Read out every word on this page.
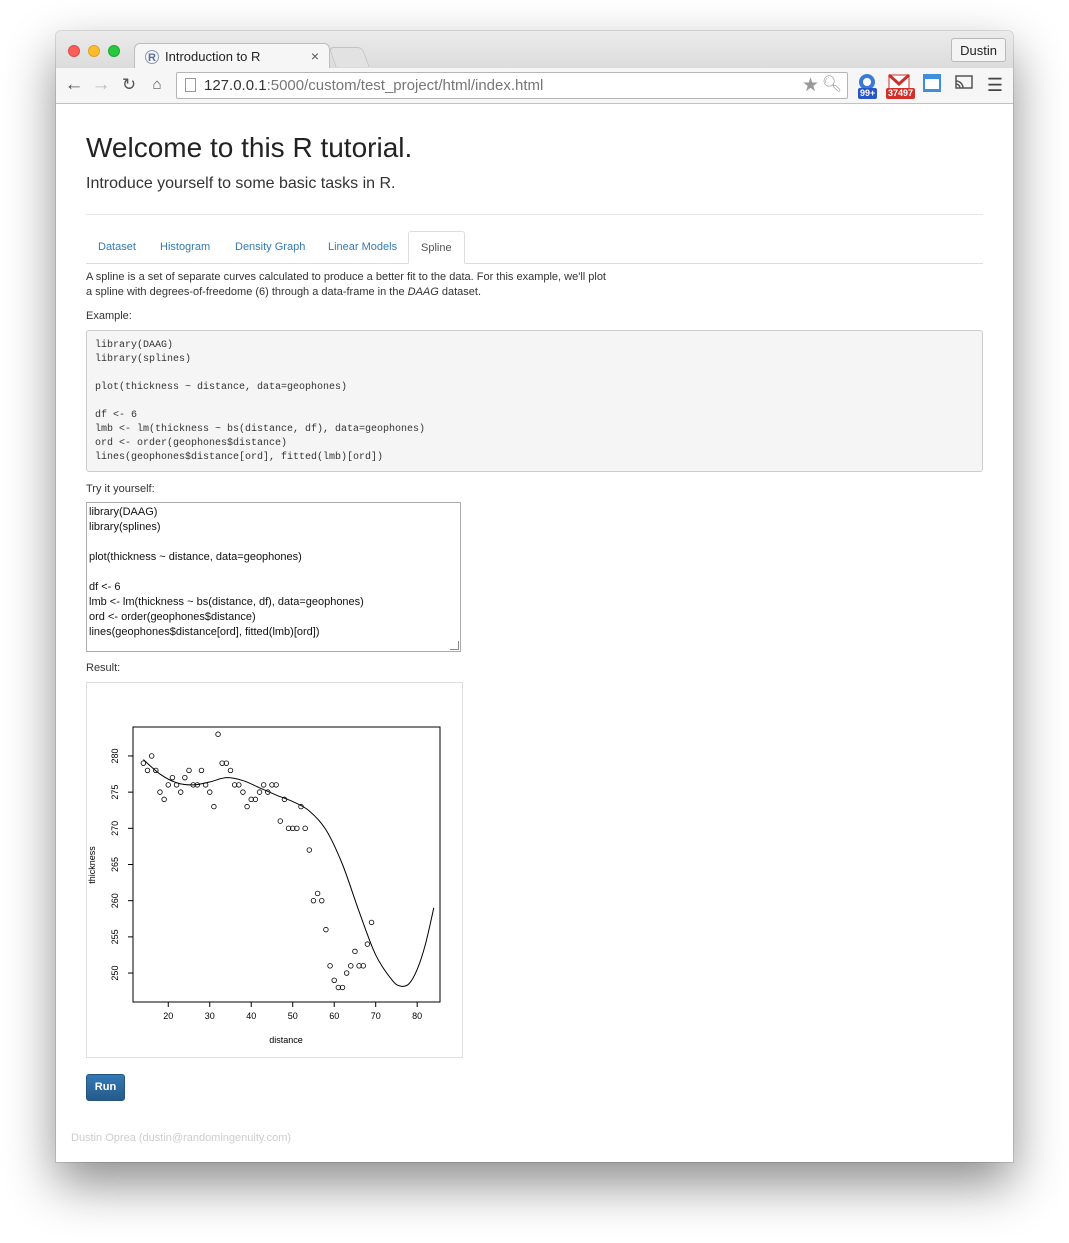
R Introduction to R	×	Dustin
← → ↻	⌂	127.0.0.1:5000/custom/test_project/html/index.html	★ 🔍︎ 99+ 37497	☰
Welcome to this R tutorial.
Introduce yourself to some basic tasks in R.
Dataset	Histogram	Density Graph	Linear Models	Spline
A spline is a set of separate curves calculated to produce a better fit to the data. For this example, we'll plot a spline with degrees-of-freedome (6) through a data-frame in the DAAG dataset.
Example:
library(DAAG)
library(splines)
plot(thickness ~ distance, data=geophones)
df <- 6
lmb <- lm(thickness ~ bs(distance, df), data=geophones)
ord <- order(geophones$distance)
lines(geophones$distance[ord], fitted(lmb)[ord])
Try it yourself:
library(DAAG)
library(splines)
plot(thickness ~ distance, data=geophones)
df <- 6
lmb <- lm(thickness ~ bs(distance, df), data=geophones)
ord <- order(geophones$distance)
lines(geophones$distance[ord], fitted(lmb)[ord])
Result:
20	30	40	50	60	70	80
250
255
260
265
270
275
280
distance
thickness
Run
Dustin Oprea (dustin@randomingenuity.com)
